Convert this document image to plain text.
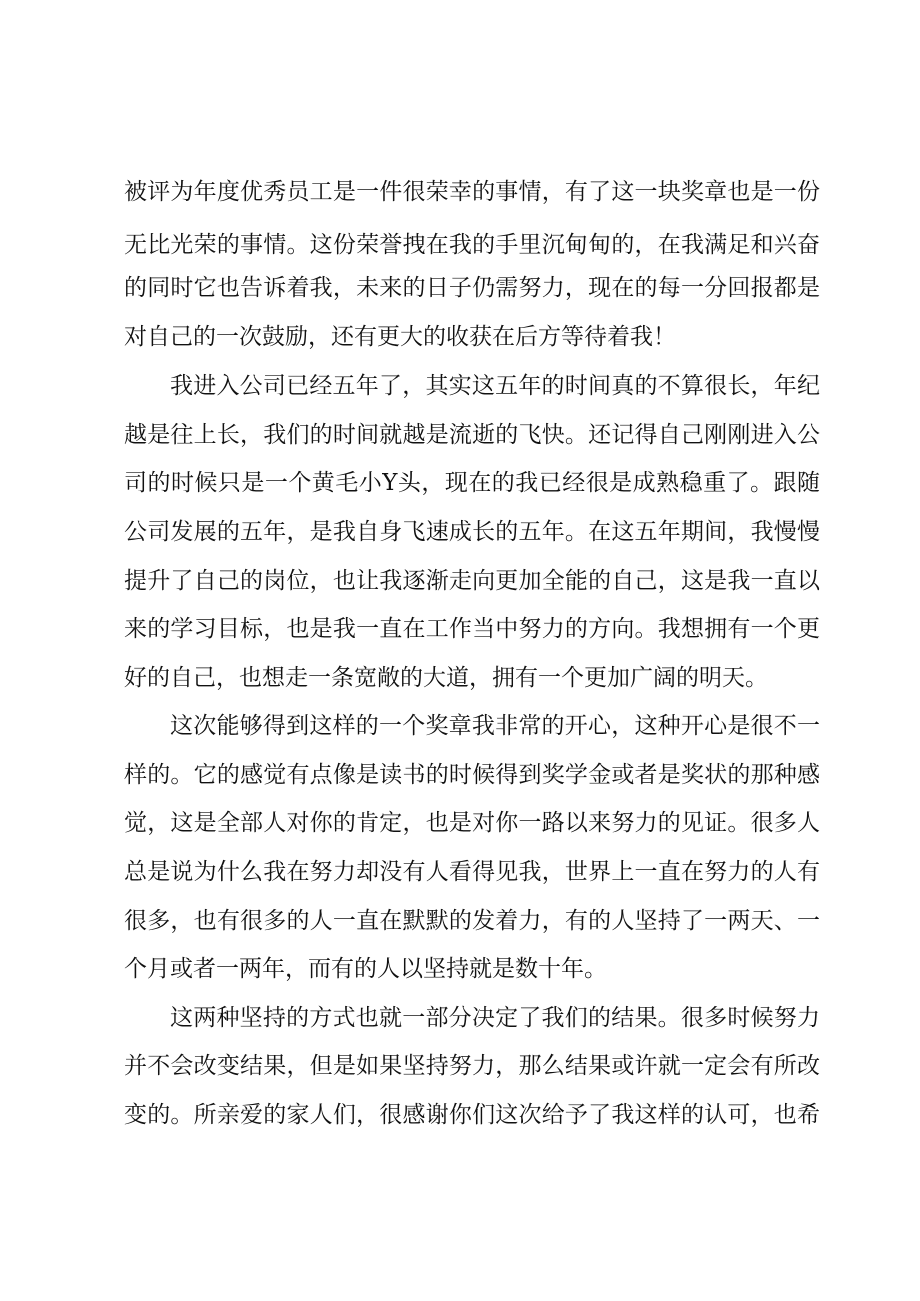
被评为年度优秀员工是一件很荣幸的事情，有了这一块奖章也是一份
无比光荣的事情。这份荣誉拽在我的手里沉甸甸的，在我满足和兴奋
的同时它也告诉着我，未来的日子仍需努力，现在的每一分回报都是
对自己的一次鼓励，还有更大的收获在后方等待着我！
我进入公司已经五年了，其实这五年的时间真的不算很长，年纪
越是往上长，我们的时间就越是流逝的飞快。还记得自己刚刚进入公
司的时候只是一个黄毛小Y头，现在的我已经很是成熟稳重了。跟随
公司发展的五年，是我自身飞速成长的五年。在这五年期间，我慢慢
提升了自己的岗位，也让我逐渐走向更加全能的自己，这是我一直以
来的学习目标，也是我一直在工作当中努力的方向。我想拥有一个更
好的自己，也想走一条宽敞的大道，拥有一个更加广阔的明天。
这次能够得到这样的一个奖章我非常的开心，这种开心是很不一
样的。它的感觉有点像是读书的时候得到奖学金或者是奖状的那种感
觉，这是全部人对你的肯定，也是对你一路以来努力的见证。很多人
总是说为什么我在努力却没有人看得见我，世界上一直在努力的人有
很多，也有很多的人一直在默默的发着力，有的人坚持了一两天、一
个月或者一两年，而有的人以坚持就是数十年。
这两种坚持的方式也就一部分决定了我们的结果。很多时候努力
并不会改变结果，但是如果坚持努力，那么结果或许就一定会有所改
变的。所亲爱的家人们，很感谢你们这次给予了我这样的认可，也希
